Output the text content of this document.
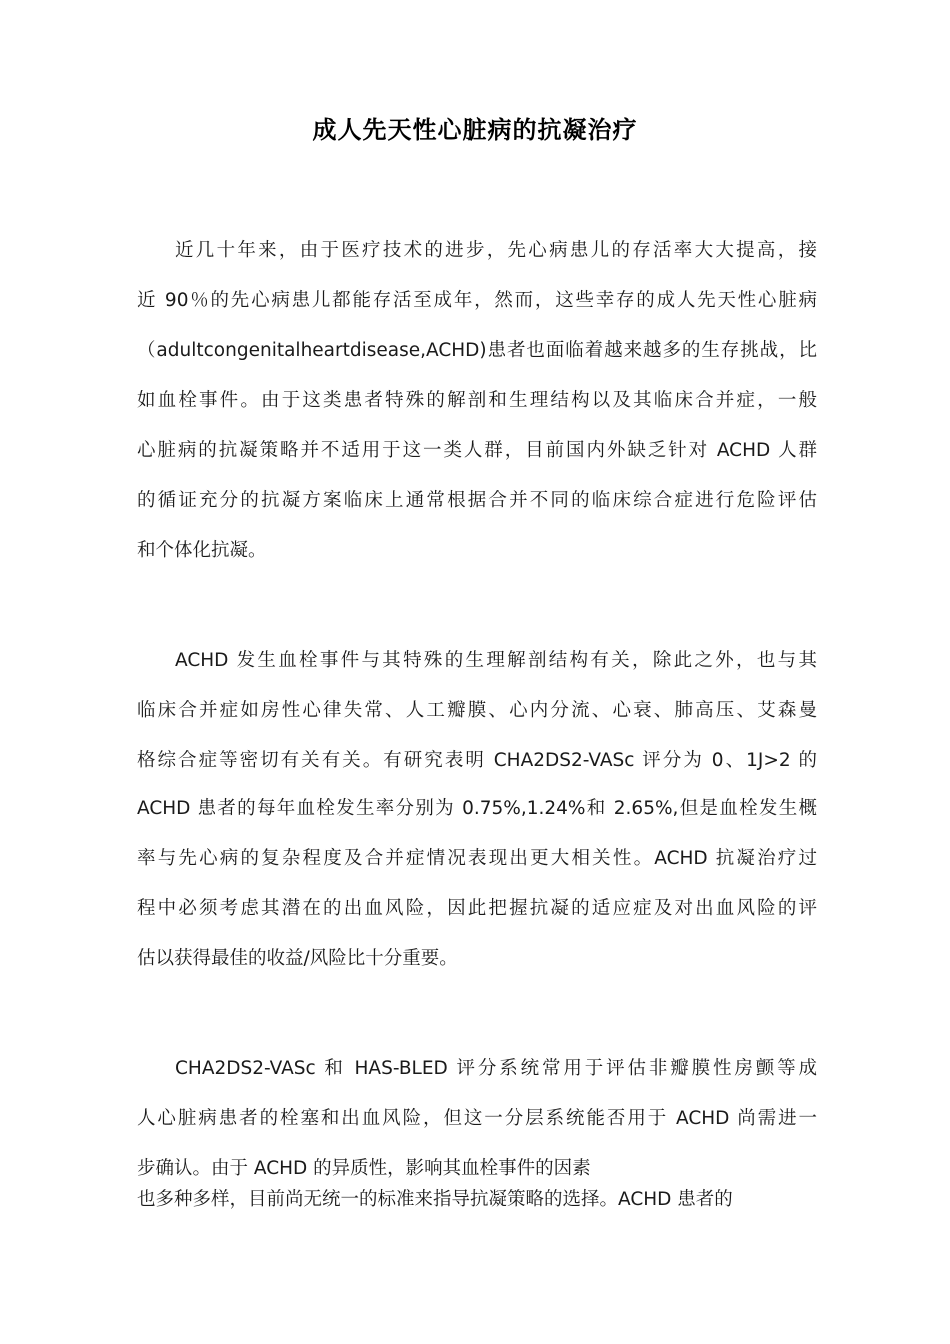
成人先天性心脏病的抗凝治疗
近几十年来，由于医疗技术的进步，先心病患儿的存活率大大提高，接
近 90％的先心病患儿都能存活至成年，然而，这些幸存的成人先天性心脏病
（adultcongenitalheartdisease,ACHD)患者也面临着越来越多的生存挑战，比
如血栓事件。由于这类患者特殊的解剖和生理结构以及其临床合并症，一般
心脏病的抗凝策略并不适用于这一类人群，目前国内外缺乏针对 ACHD 人群
的循证充分的抗凝方案临床上通常根据合并不同的临床综合症进行危险评估
和个体化抗凝。
ACHD 发生血栓事件与其特殊的生理解剖结构有关，除此之外，也与其
临床合并症如房性心律失常、人工瓣膜、心内分流、心衰、肺高压、艾森曼
格综合症等密切有关有关。有研究表明 CHA2DS2-VASc 评分为 0、1J>2 的
ACHD 患者的每年血栓发生率分别为 0.75%,1.24%和 2.65%,但是血栓发生概
率与先心病的复杂程度及合并症情况表现出更大相关性。ACHD 抗凝治疗过
程中必须考虑其潜在的出血风险，因此把握抗凝的适应症及对出血风险的评
估以获得最佳的收益/风险比十分重要。
CHA2DS2-VASc 和 HAS-BLED 评分系统常用于评估非瓣膜性房颤等成
人心脏病患者的栓塞和出血风险，但这一分层系统能否用于 ACHD 尚需进一
步确认。由于 ACHD 的异质性，影响其血栓事件的因素
也多种多样，目前尚无统一的标准来指导抗凝策略的选择。ACHD 患者的
